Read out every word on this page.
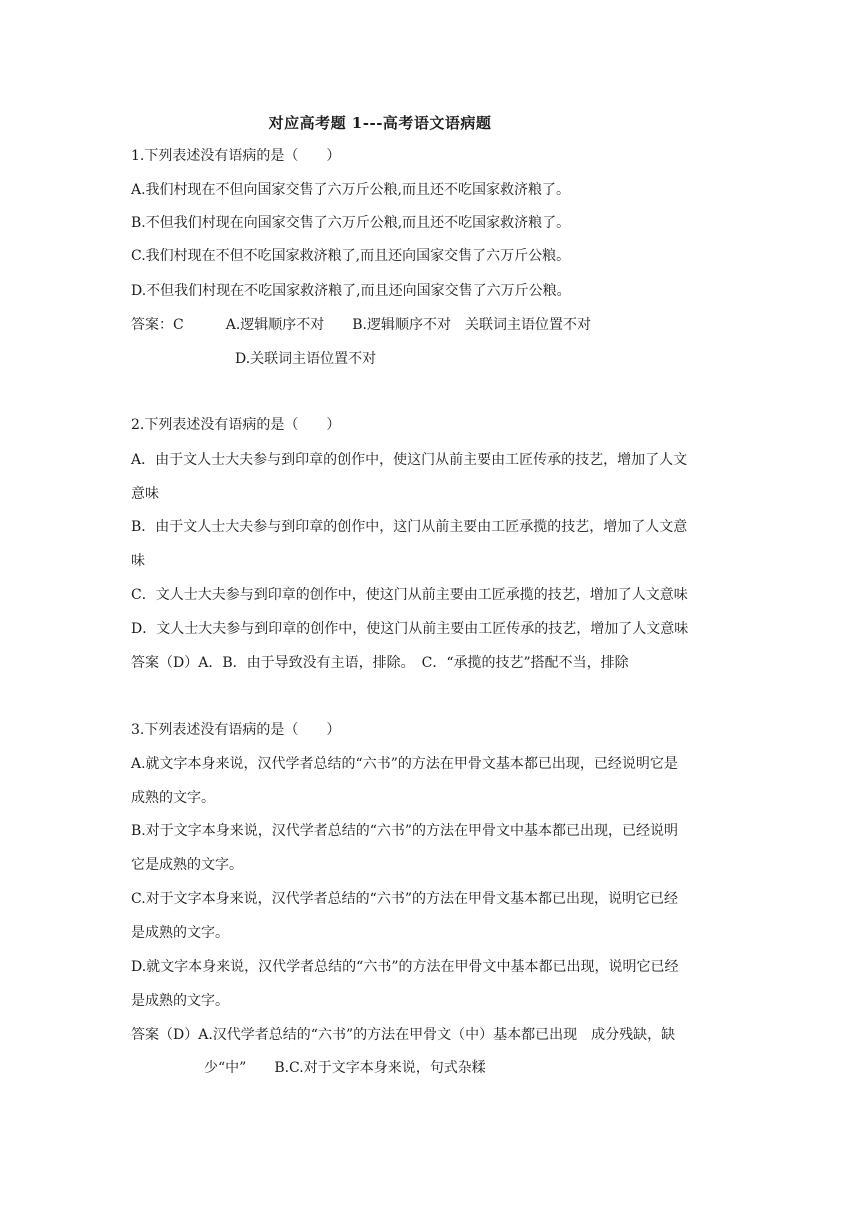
对应高考题 1---高考语文语病题
1.下列表述没有语病的是（　　）
A.我们村现在不但向国家交售了六万斤公粮,而且还不吃国家救济粮了。
B.不但我们村现在向国家交售了六万斤公粮,而且还不吃国家救济粮了。
C.我们村现在不但不吃国家救济粮了,而且还向国家交售了六万斤公粮。
D.不但我们村现在不吃国家救济粮了,而且还向国家交售了六万斤公粮。
答案：C　　　A.逻辑顺序不对　　B.逻辑顺序不对　关联词主语位置不对
D.关联词主语位置不对
2.下列表述没有语病的是（　　）
A．由于文人士大夫参与到印章的创作中，使这门从前主要由工匠传承的技艺，增加了人文
意味
B．由于文人士大夫参与到印章的创作中，这门从前主要由工匠承揽的技艺，增加了人文意
味
C．文人士大夫参与到印章的创作中，使这门从前主要由工匠承揽的技艺，增加了人文意味
D．文人士大夫参与到印章的创作中，使这门从前主要由工匠传承的技艺，增加了人文意味
答案（D）A．B．由于导致没有主语，排除。　C．“承揽的技艺”搭配不当，排除
3.下列表述没有语病的是（　　）
A.就文字本身来说，汉代学者总结的“六书”的方法在甲骨文基本都已出现，已经说明它是
成熟的文字。
B.对于文字本身来说，汉代学者总结的“六书”的方法在甲骨文中基本都已出现，已经说明
它是成熟的文字。
C.对于文字本身来说，汉代学者总结的“六书”的方法在甲骨文基本都已出现，说明它已经
是成熟的文字。
D.就文字本身来说，汉代学者总结的“六书”的方法在甲骨文中基本都已出现，说明它已经
是成熟的文字。
答案（D）A.汉代学者总结的“六书”的方法在甲骨文（中）基本都已出现　成分残缺，缺
少“中”　　B.C.对于文字本身来说，句式杂糅
